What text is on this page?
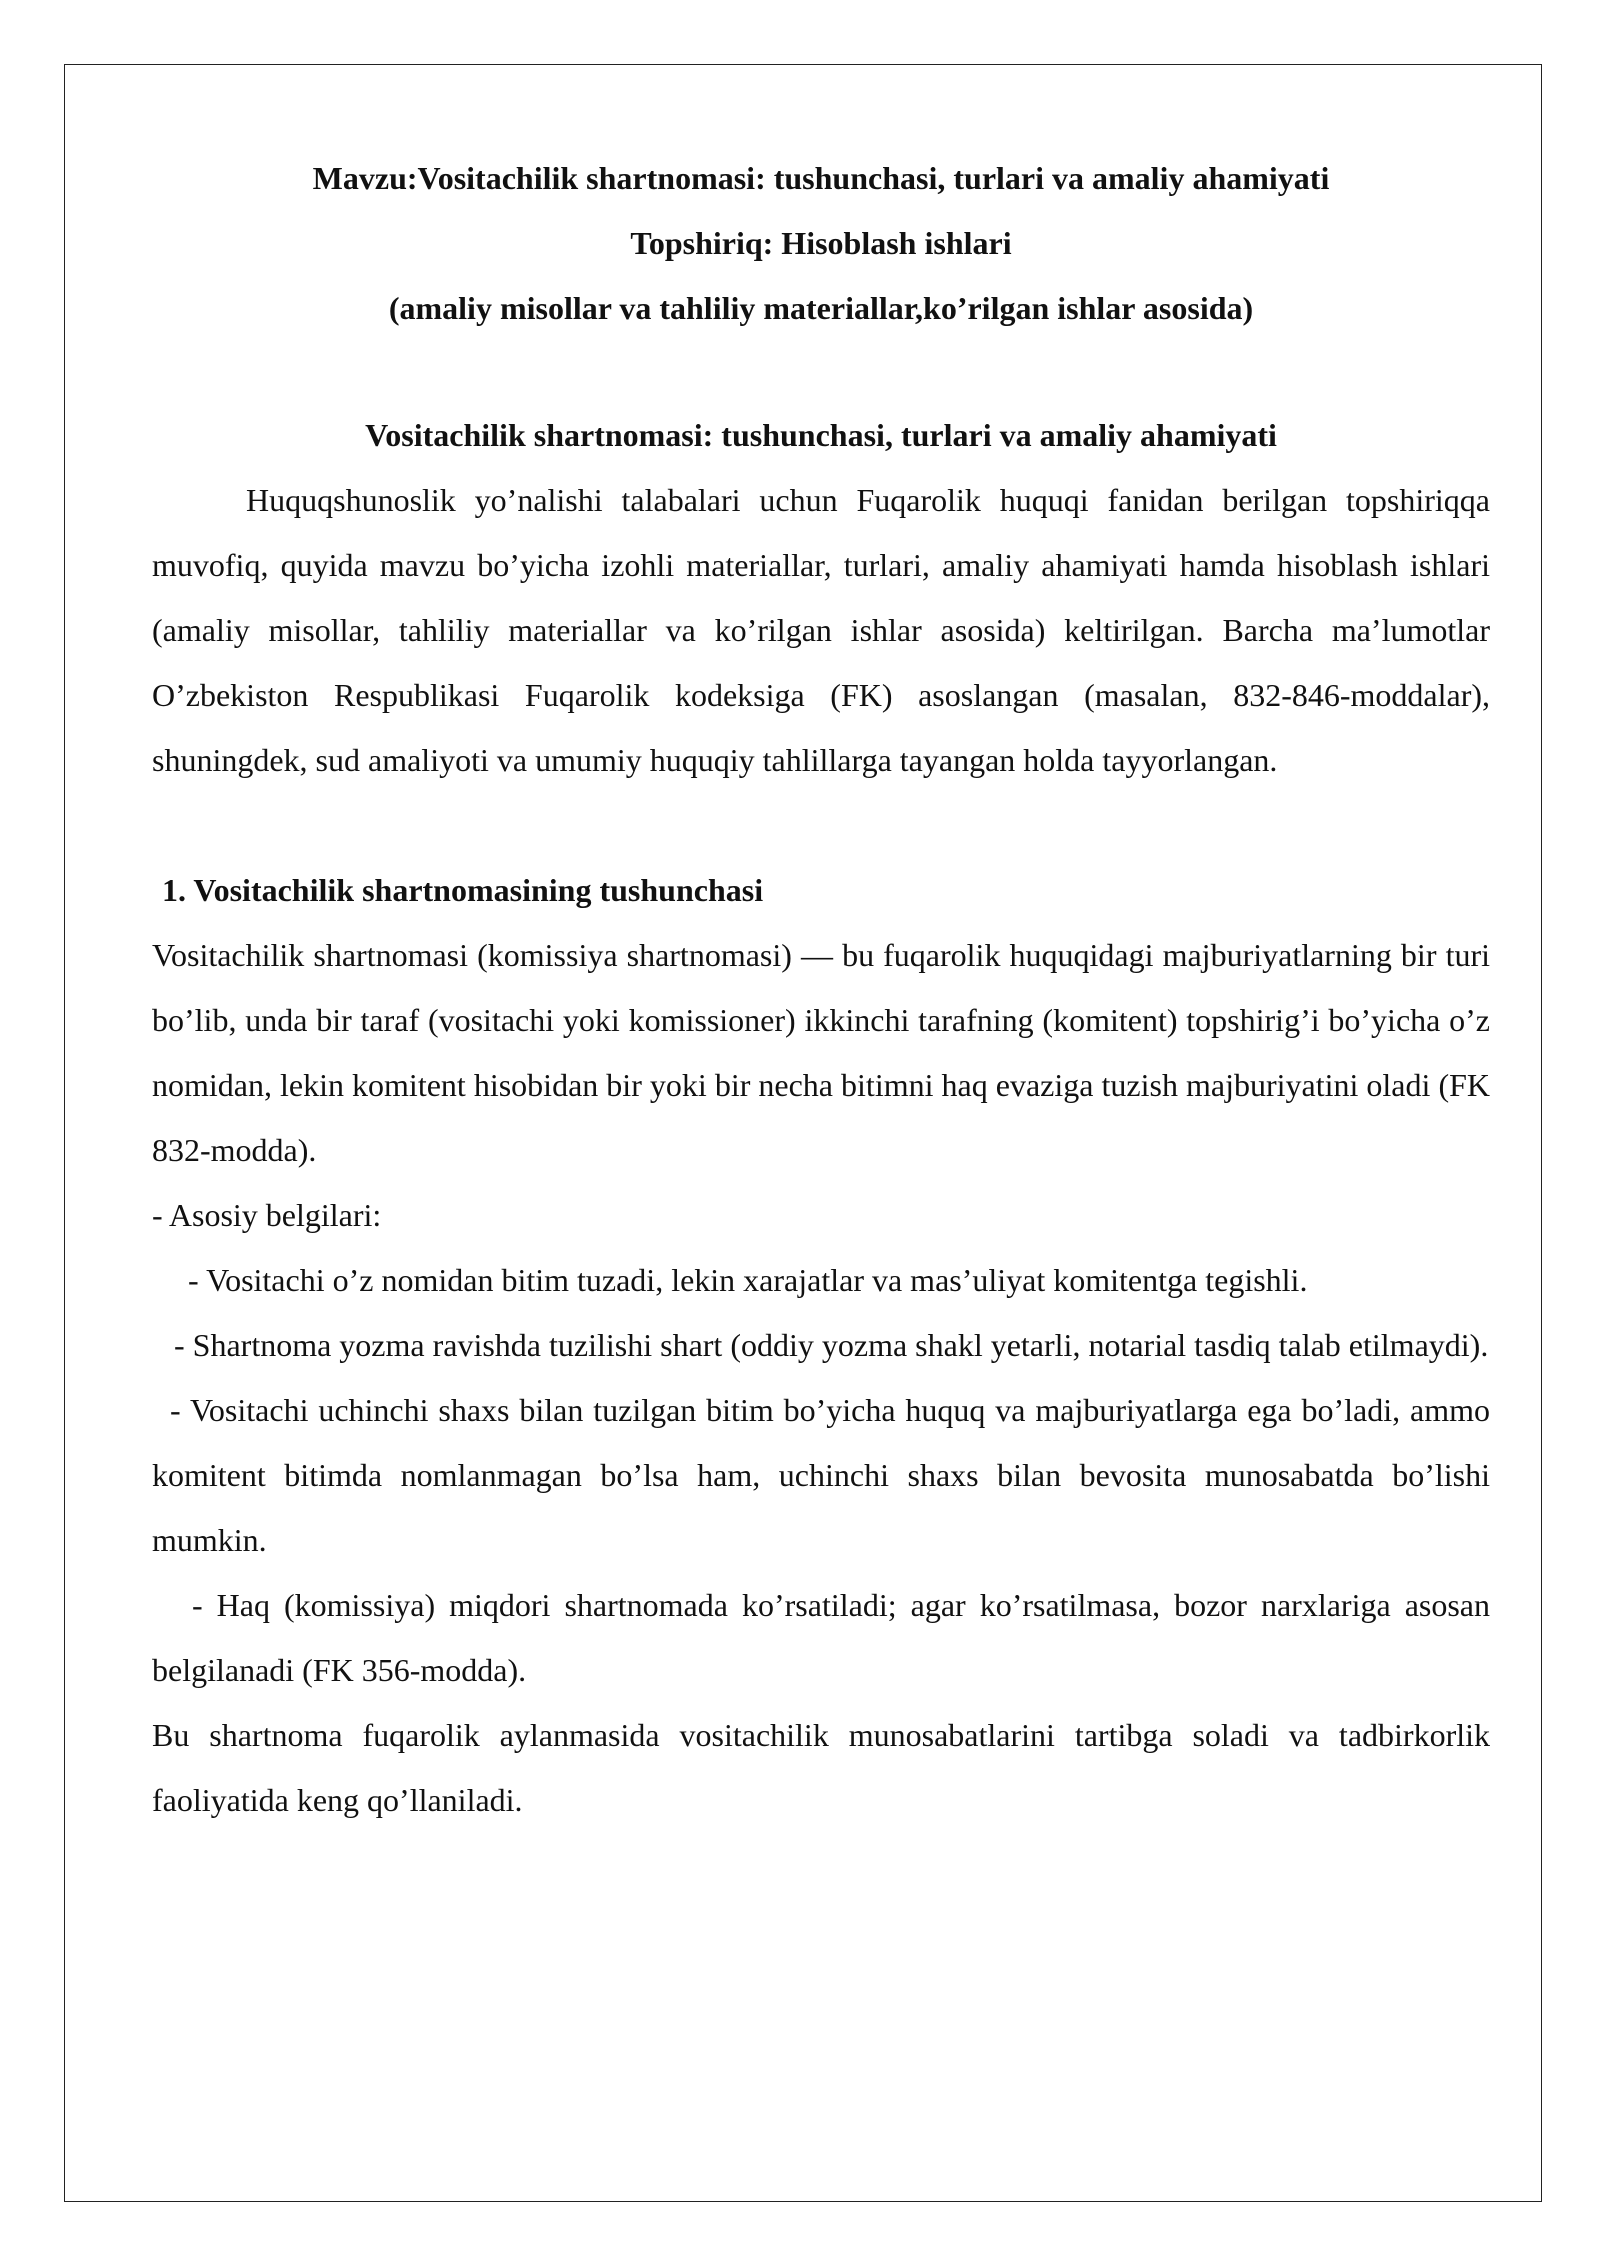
Mavzu:Vositachilik shartnomasi: tushunchasi, turlari va amaliy ahamiyati

Topshiriq: Hisoblash ishlari

(amaliy misollar va tahliliy materiallar,ko’rilgan ishlar asosida)

Vositachilik shartnomasi: tushunchasi, turlari va amaliy ahamiyati

Huquqshunoslik yo’nalishi talabalari uchun Fuqarolik huquqi fanidan berilgan topshiriqqa muvofiq, quyida mavzu bo’yicha izohli materiallar, turlari, amaliy ahamiyati hamda hisoblash ishlari (amaliy misollar, tahliliy materiallar va ko’rilgan ishlar asosida) keltirilgan. Barcha ma’lumotlar O’zbekiston Respublikasi Fuqarolik kodeksiga (FK) asoslangan (masalan, 832-846-moddalar), shuningdek, sud amaliyoti va umumiy huquqiy tahlillarga tayangan holda tayyorlangan.

1. Vositachilik shartnomasining tushunchasi

Vositachilik shartnomasi (komissiya shartnomasi) — bu fuqarolik huquqidagi majburiyatlarning bir turi bo’lib, unda bir taraf (vositachi yoki komissioner) ikkinchi tarafning (komitent) topshirig’i bo’yicha o’z nomidan, lekin komitent hisobidan bir yoki bir necha bitimni haq evaziga tuzish majburiyatini oladi (FK 832-modda).

- Asosiy belgilari:

- Vositachi o’z nomidan bitim tuzadi, lekin xarajatlar va mas’uliyat komitentga tegishli.

- Shartnoma yozma ravishda tuzilishi shart (oddiy yozma shakl yetarli, notarial tasdiq talab etilmaydi).

- Vositachi uchinchi shaxs bilan tuzilgan bitim bo’yicha huquq va majburiyatlarga ega bo’ladi, ammo komitent bitimda nomlanmagan bo’lsa ham, uchinchi shaxs bilan bevosita munosabatda bo’lishi mumkin.

- Haq (komissiya) miqdori shartnomada ko’rsatiladi; agar ko’rsatilmasa, bozor narxlariga asosan belgilanadi (FK 356-modda).

Bu shartnoma fuqarolik aylanmasida vositachilik munosabatlarini tartibga soladi va tadbirkorlik faoliyatida keng qo’llaniladi.
